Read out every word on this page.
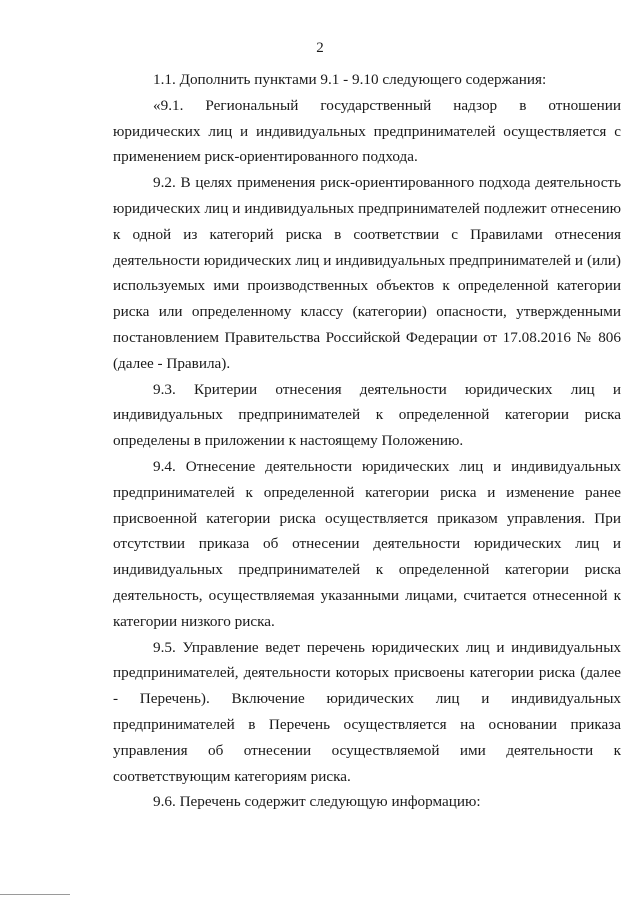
2

1.1. Дополнить пунктами 9.1 - 9.10 следующего содержания:

«9.1. Региональный государственный надзор в отношении юридических лиц и индивидуальных предпринимателей осуществляется с применением риск-ориентированного подхода.

9.2. В целях применения риск-ориентированного подхода деятельность юридических лиц и индивидуальных предпринимателей подлежит отнесению к одной из категорий риска в соответствии с Правилами отнесения деятельности юридических лиц и индивидуальных предпринимателей и (или) используемых ими производственных объектов к определенной категории риска или определенному классу (категории) опасности, утвержденными постановлением Правительства Российской Федерации от 17.08.2016 № 806 (далее - Правила).

9.3. Критерии отнесения деятельности юридических лиц и индивидуальных предпринимателей к определенной категории риска определены в приложении к настоящему Положению.

9.4. Отнесение деятельности юридических лиц и индивидуальных предпринимателей к определенной категории риска и изменение ранее присвоенной категории риска осуществляется приказом управления. При отсутствии приказа об отнесении деятельности юридических лиц и индивидуальных предпринимателей к определенной категории риска деятельность, осуществляемая указанными лицами, считается отнесенной к категории низкого риска.

9.5. Управление ведет перечень юридических лиц и индивидуальных предпринимателей, деятельности которых присвоены категории риска (далее - Перечень). Включение юридических лиц и индивидуальных предпринимателей в Перечень осуществляется на основании приказа управления об отнесении осуществляемой ими деятельности к соответствующим категориям риска.

9.6. Перечень содержит следующую информацию:
